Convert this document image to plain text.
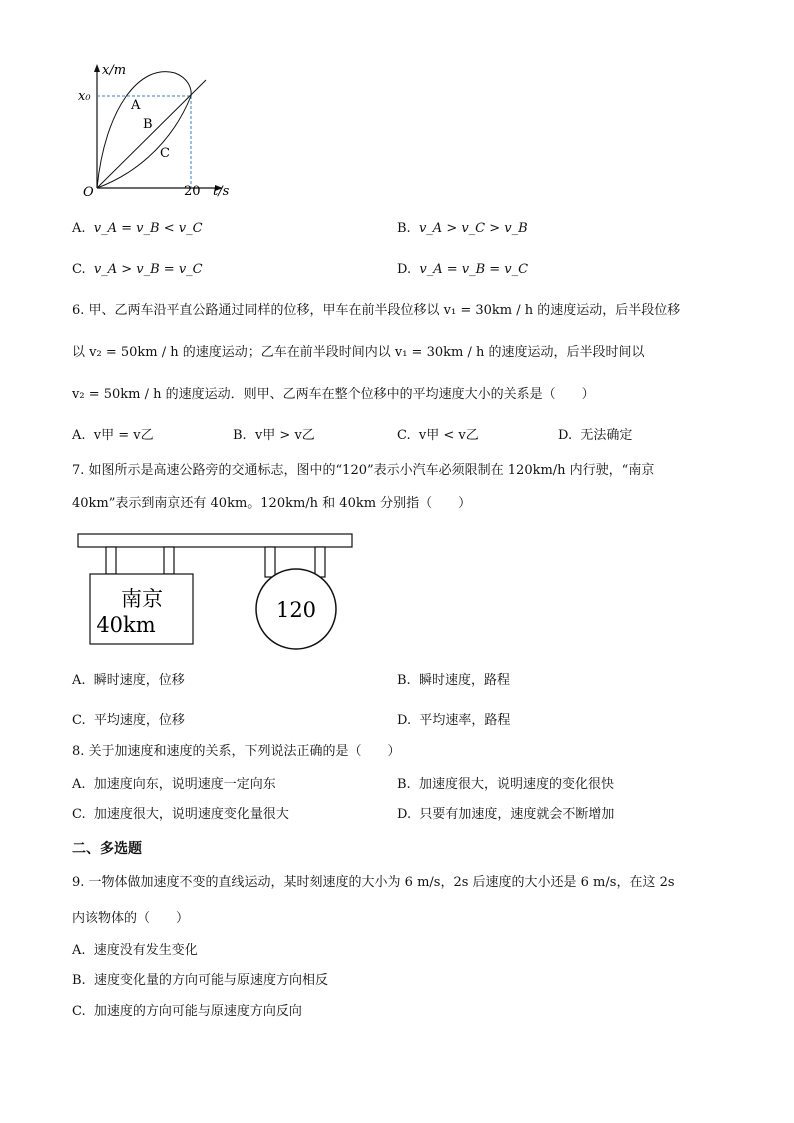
x/m
x₀
O	20 t/s
A
B
C
A. v_A = v_B < v_C	B. v_A > v_C > v_B
C. v_A > v_B = v_C	D. v_A = v_B = v_C
6. 甲、乙两车沿平直公路通过同样的位移，甲车在前半段位移以 v₁ = 30km / h 的速度运动，后半段位移
以 v₂ = 50km / h 的速度运动；乙车在前半段时间内以 v₁ = 30km / h 的速度运动，后半段时间以
v₂ = 50km / h 的速度运动．则甲、乙两车在整个位移中的平均速度大小的关系是（　　）
A. v甲 = v乙	B. v甲 > v乙	C. v甲 < v乙	D. 无法确定
7. 如图所示是高速公路旁的交通标志，图中的“120”表示小汽车必须限制在 120km/h 内行驶，“南京
40km”表示到南京还有 40km。120km/h 和 40km 分别指（　　）
南京
40km
120
A. 瞬时速度，位移	B. 瞬时速度，路程
C. 平均速度，位移	D. 平均速率，路程
8. 关于加速度和速度的关系，下列说法正确的是（　　）
A. 加速度向东，说明速度一定向东	B. 加速度很大，说明速度的变化很快
C. 加速度很大，说明速度变化量很大	D. 只要有加速度，速度就会不断增加
二、多选题
9. 一物体做加速度不变的直线运动，某时刻速度的大小为 6 m/s，2s 后速度的大小还是 6 m/s，在这 2s
内该物体的（　　）
A. 速度没有发生变化
B. 速度变化量的方向可能与原速度方向相反
C. 加速度的方向可能与原速度方向反向
